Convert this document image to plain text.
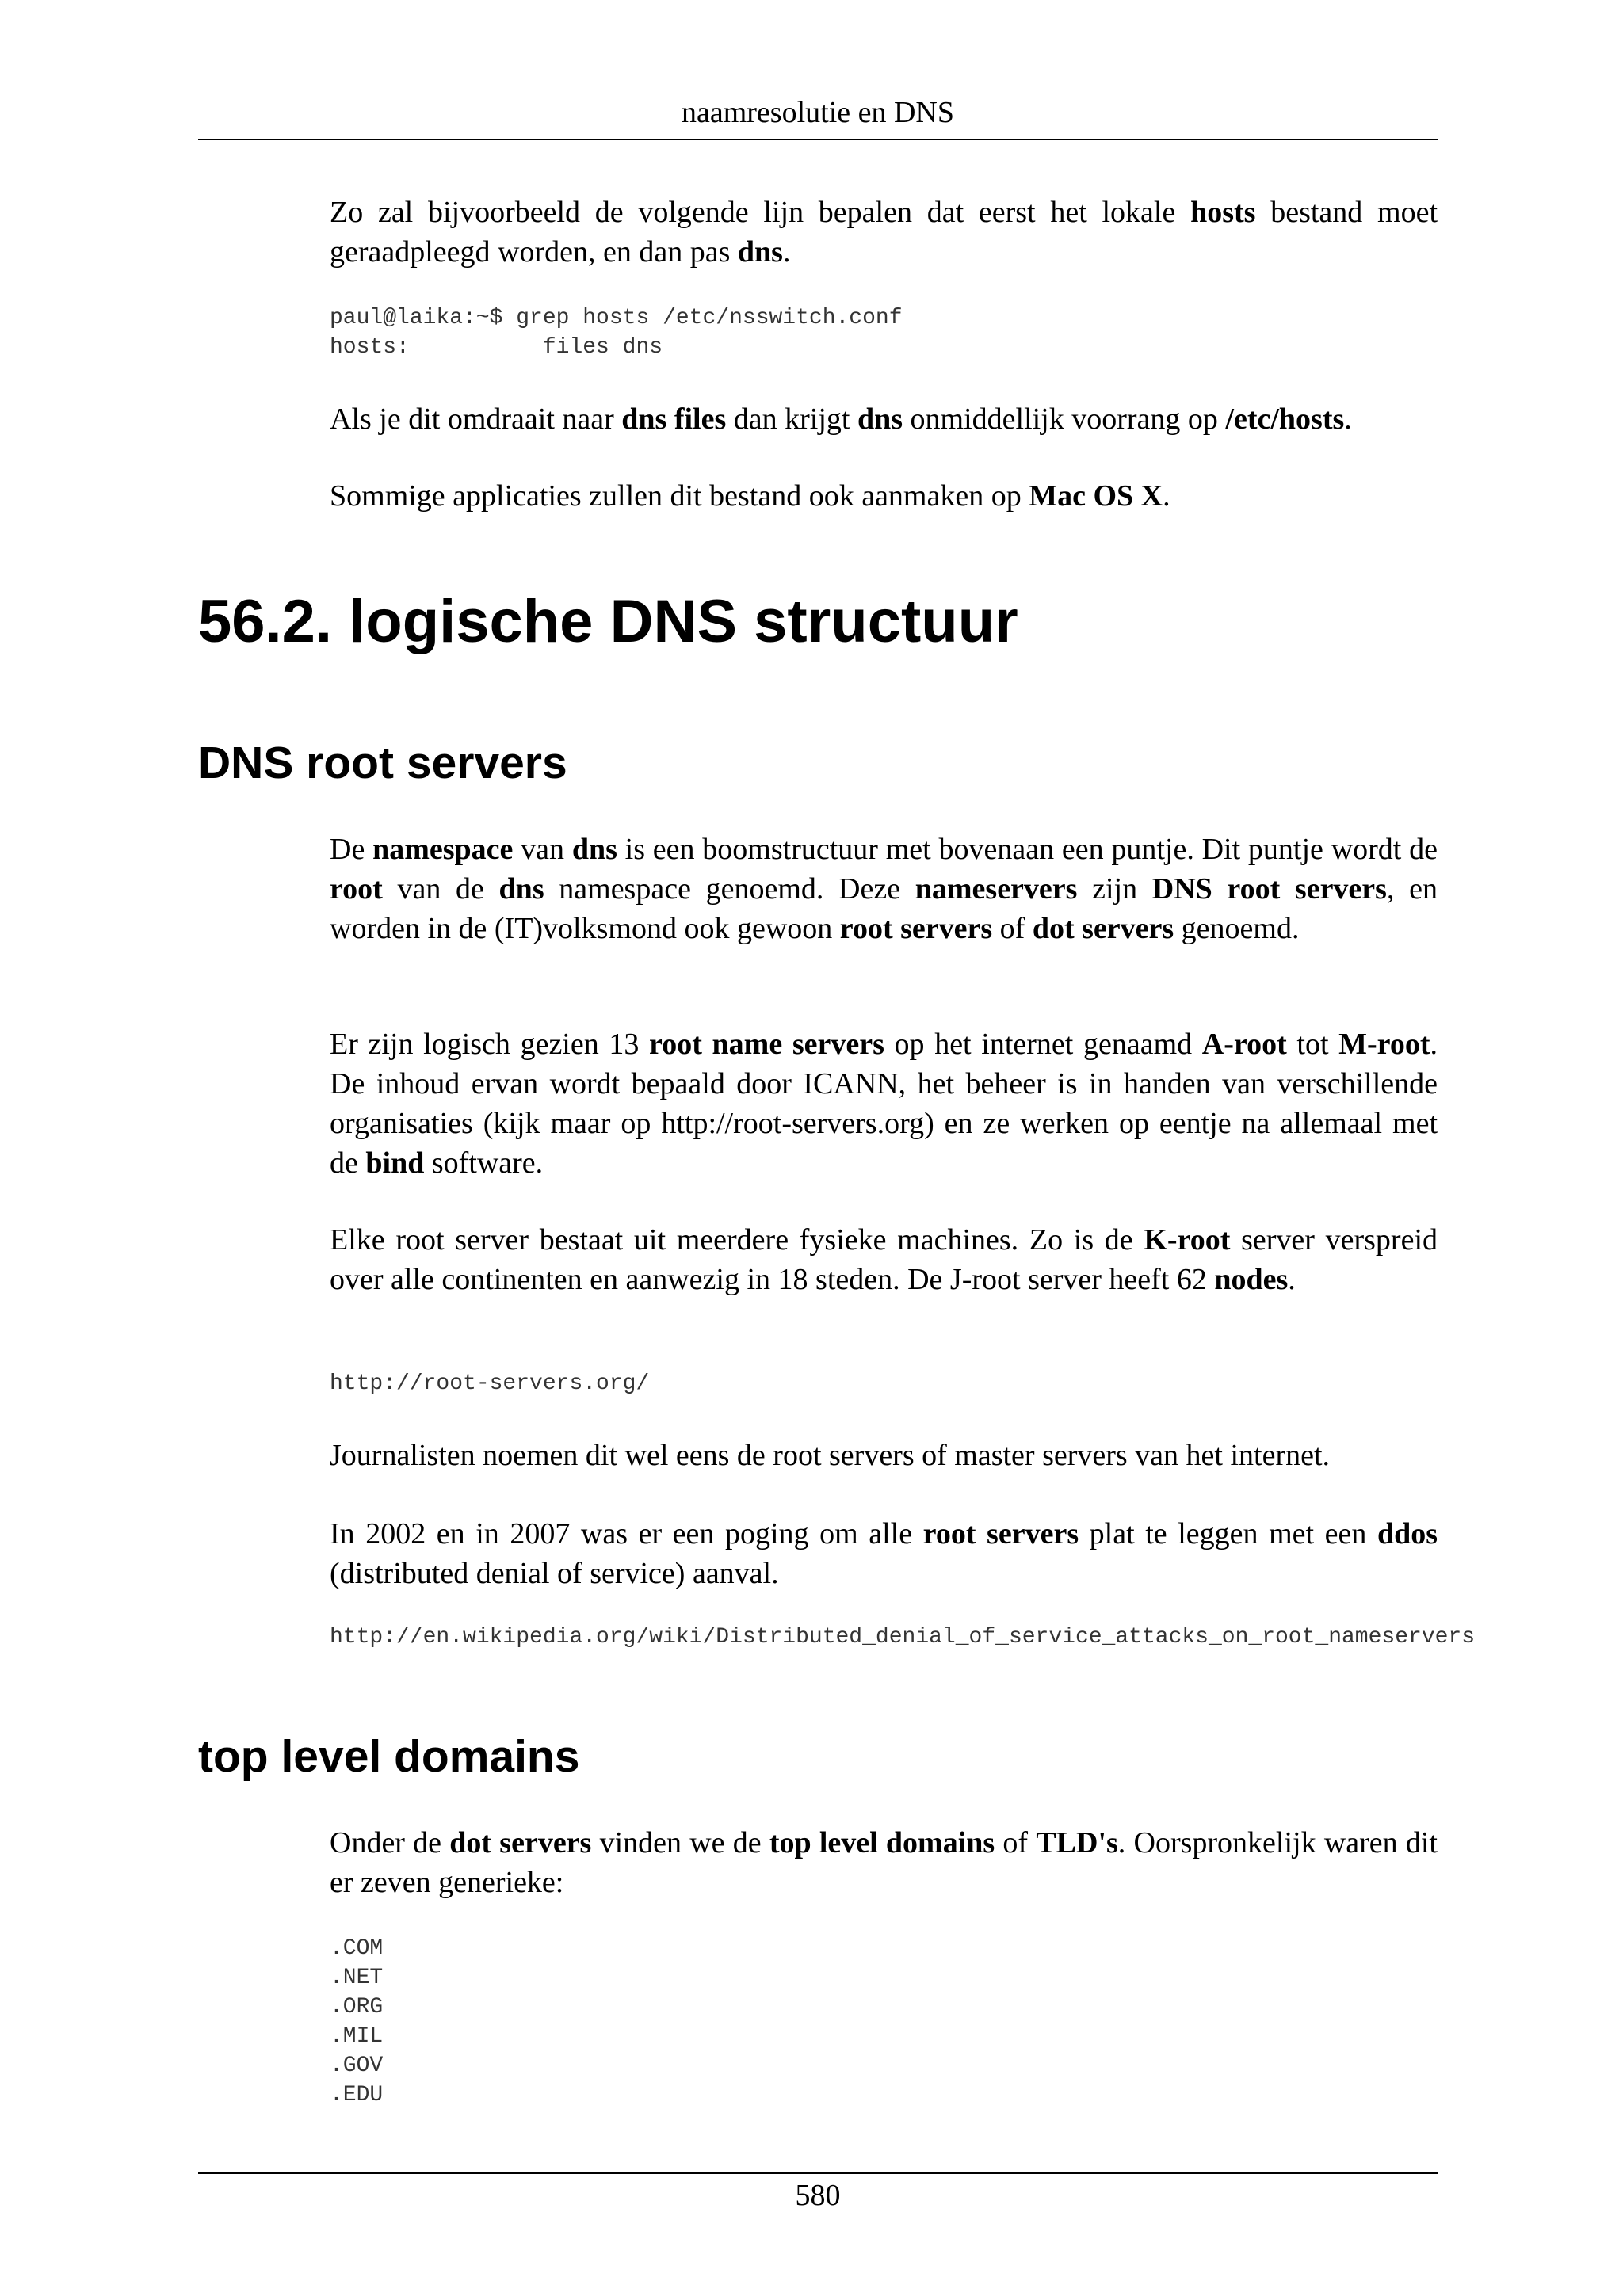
naamresolutie en DNS
Zo zal bijvoorbeeld de volgende lijn bepalen dat eerst het lokale hosts bestand moet geraadpleegd worden, en dan pas dns.
paul@laika:~$ grep hosts /etc/nsswitch.conf
hosts:          files dns
Als je dit omdraait naar dns files dan krijgt dns onmiddellijk voorrang op /etc/hosts.
Sommige applicaties zullen dit bestand ook aanmaken op Mac OS X.
56.2. logische DNS structuur
DNS root servers
De namespace van dns is een boomstructuur met bovenaan een puntje. Dit puntje wordt de root van de dns namespace genoemd. Deze nameservers zijn DNS root servers, en worden in de (IT)volksmond ook gewoon root servers of dot servers genoemd.
Er zijn logisch gezien 13 root name servers op het internet genaamd A-root tot M-root. De inhoud ervan wordt bepaald door ICANN, het beheer is in handen van verschillende organisaties (kijk maar op http://root-servers.org) en ze werken op eentje na allemaal met de bind software.
Elke root server bestaat uit meerdere fysieke machines. Zo is de K-root server verspreid over alle continenten en aanwezig in 18 steden. De J-root server heeft 62 nodes.
http://root-servers.org/
Journalisten noemen dit wel eens de root servers of master servers van het internet.
In 2002 en in 2007 was er een poging om alle root servers plat te leggen met een ddos (distributed denial of service) aanval.
http://en.wikipedia.org/wiki/Distributed_denial_of_service_attacks_on_root_nameservers
top level domains
Onder de dot servers vinden we de top level domains of TLD's. Oorspronkelijk waren dit er zeven generieke:
.COM
.NET
.ORG
.MIL
.GOV
.EDU
580
